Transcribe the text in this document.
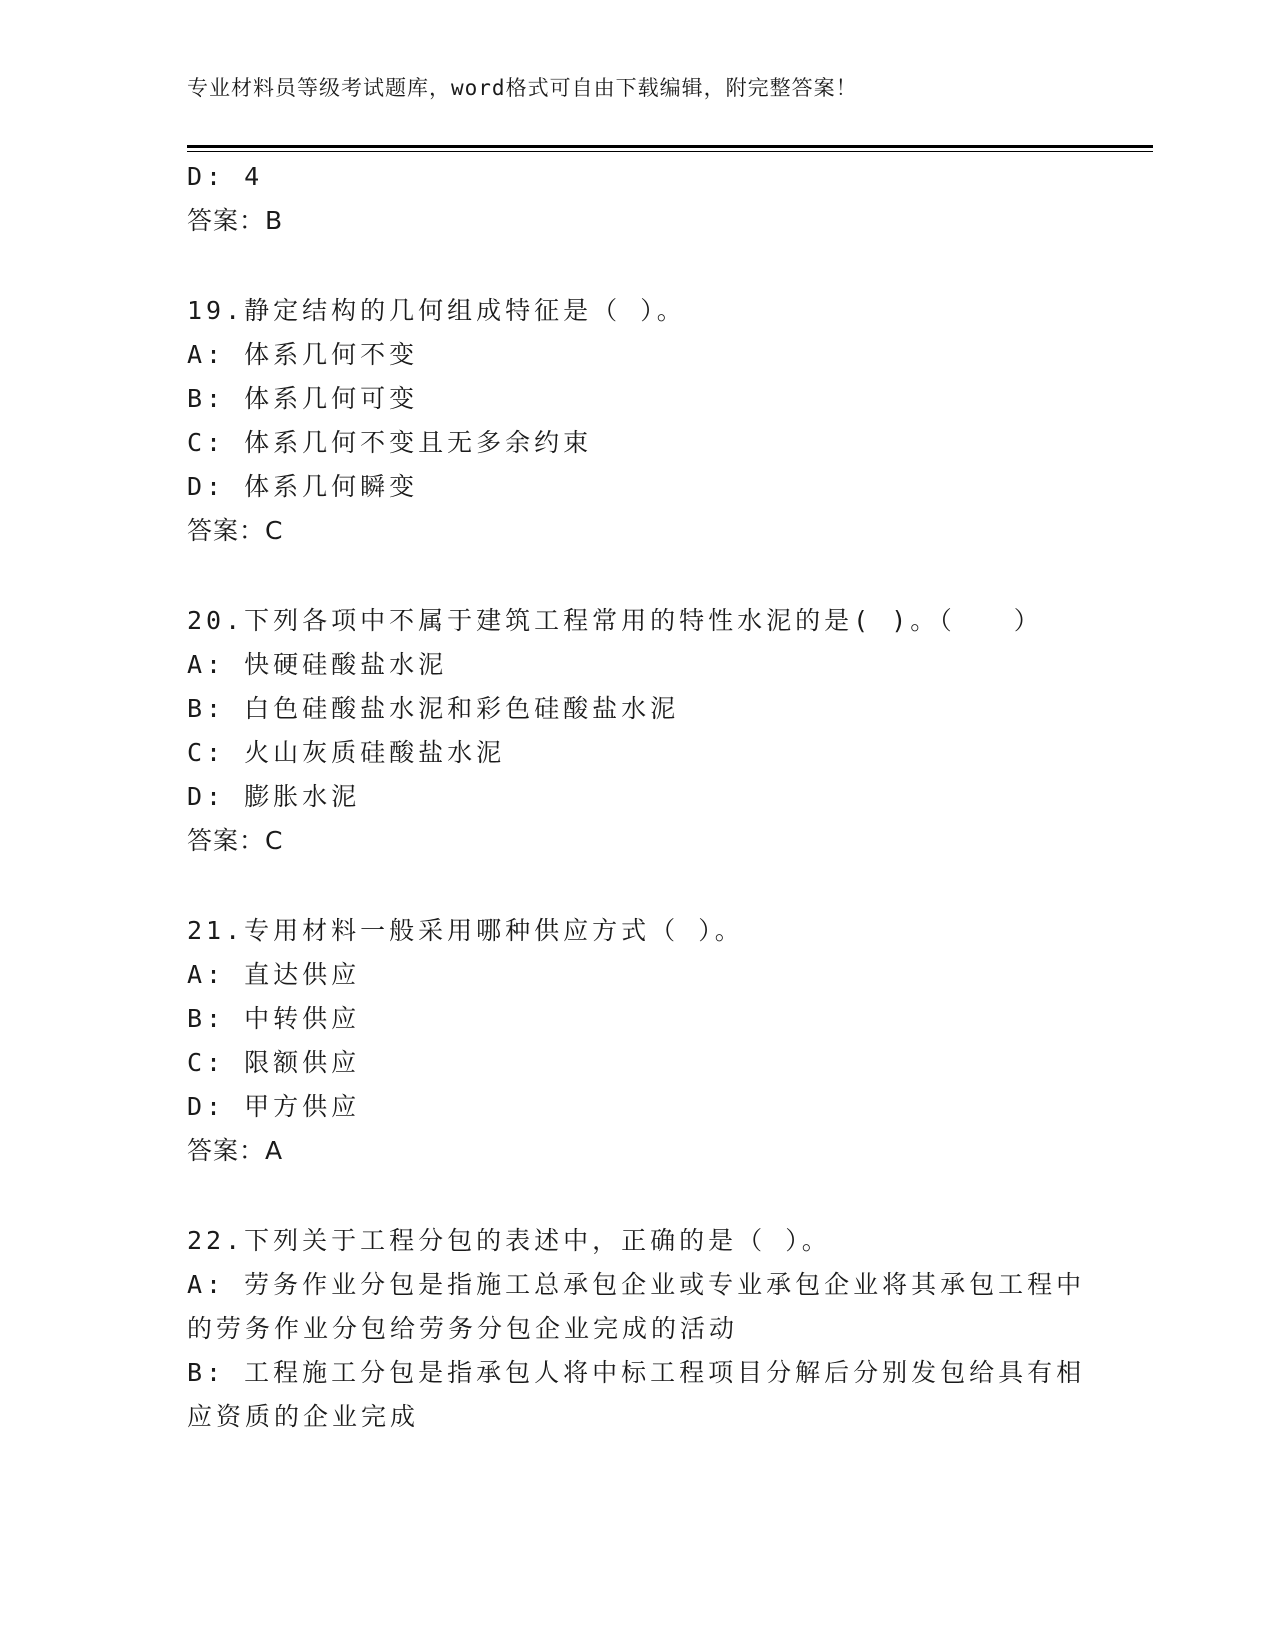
专业材料员等级考试题库，word格式可自由下载编辑，附完整答案！
D: 4
答案：B
19.静定结构的几何组成特征是（ ）。
A: 体系几何不变
B: 体系几何可变
C: 体系几何不变且无多余约束
D: 体系几何瞬变
答案：C
20.下列各项中不属于建筑工程常用的特性水泥的是( )。（　　）
A: 快硬硅酸盐水泥
B: 白色硅酸盐水泥和彩色硅酸盐水泥
C: 火山灰质硅酸盐水泥
D: 膨胀水泥
答案：C
21.专用材料一般采用哪种供应方式（ ）。
A: 直达供应
B: 中转供应
C: 限额供应
D: 甲方供应
答案：A
22.下列关于工程分包的表述中，正确的是（ ）。
A: 劳务作业分包是指施工总承包企业或专业承包企业将其承包工程中
的劳务作业分包给劳务分包企业完成的活动
B: 工程施工分包是指承包人将中标工程项目分解后分别发包给具有相
应资质的企业完成
